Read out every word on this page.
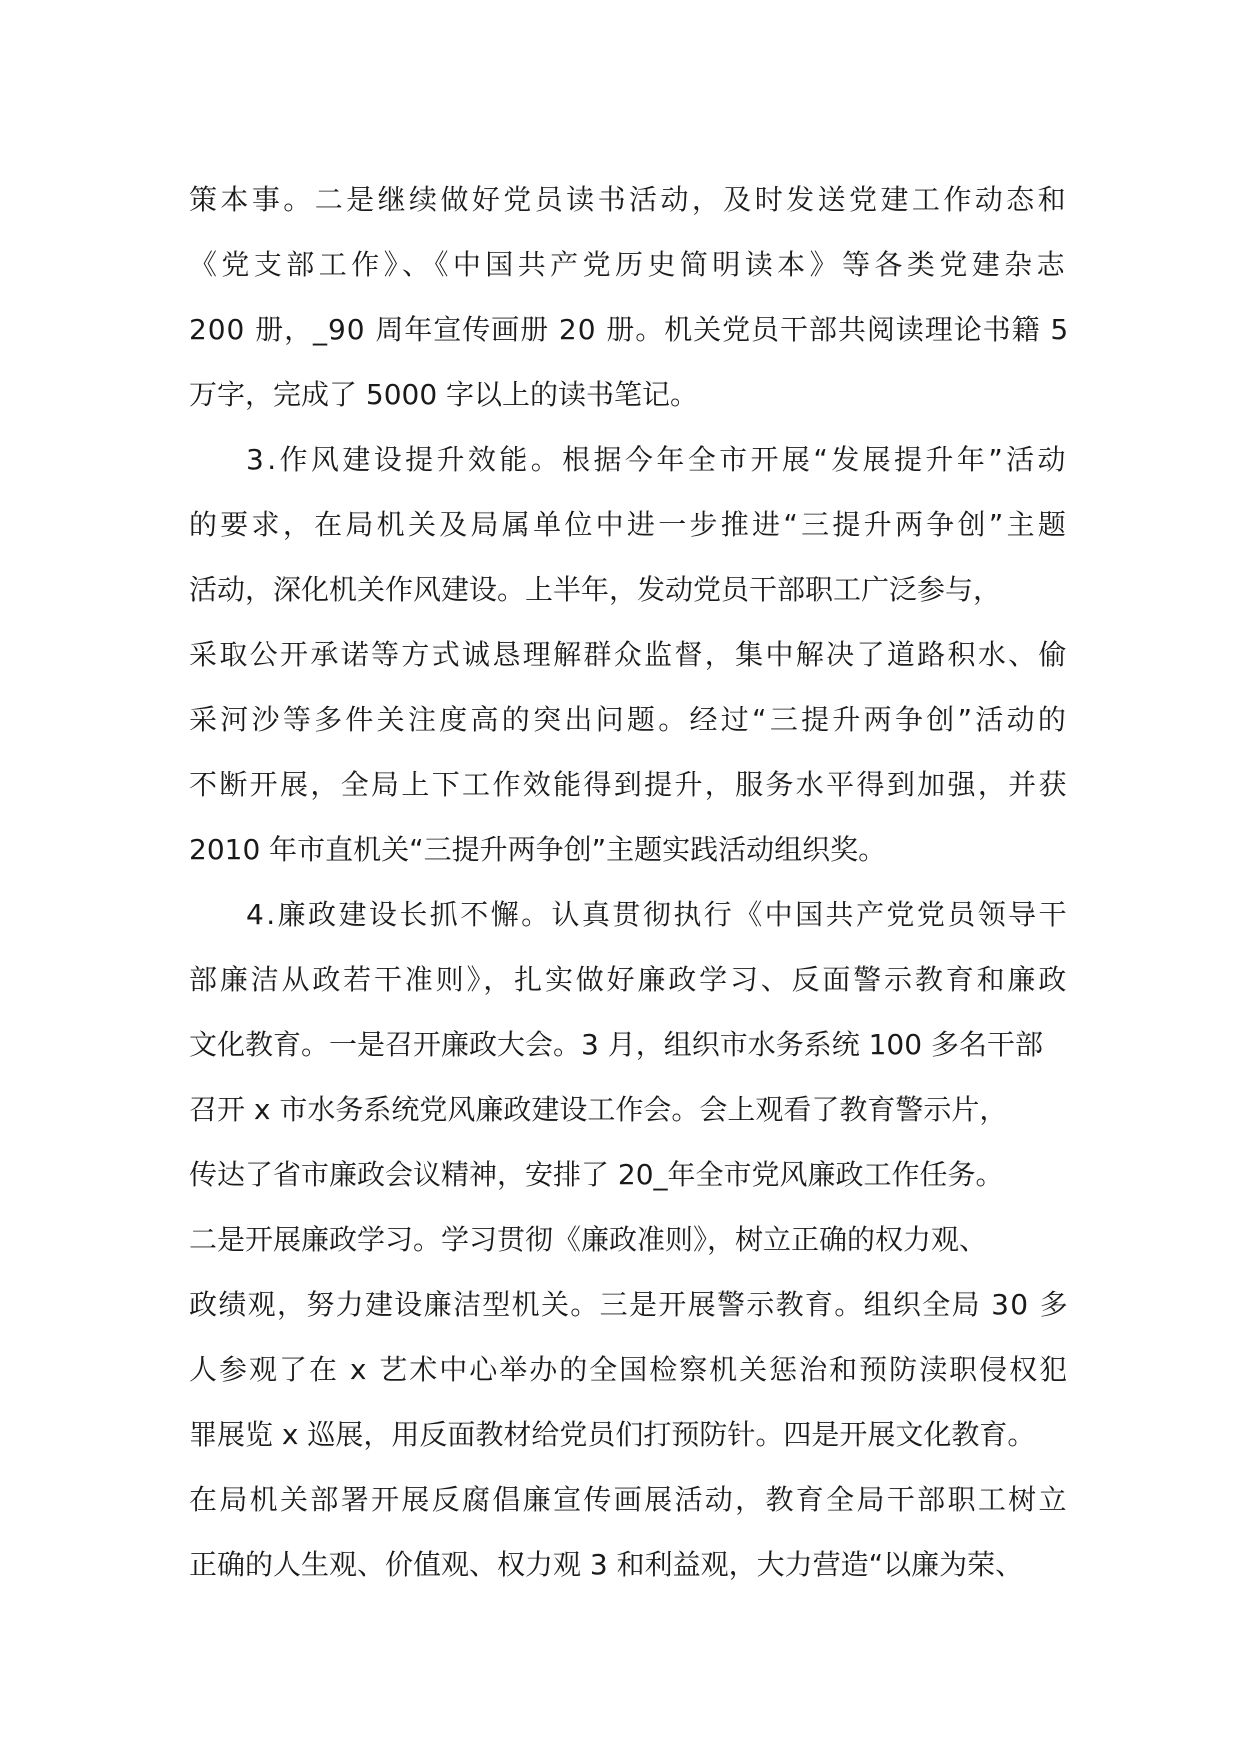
策本事。二是继续做好党员读书活动，及时发送党建工作动态和
《党支部工作》、《中国共产党历史简明读本》等各类党建杂志
200 册，_90 周年宣传画册 20 册。机关党员干部共阅读理论书籍 5
万字，完成了 5000 字以上的读书笔记。
3.作风建设提升效能。根据今年全市开展“发展提升年”活动
的要求，在局机关及局属单位中进一步推进“三提升两争创”主题
活动，深化机关作风建设。上半年，发动党员干部职工广泛参与，
采取公开承诺等方式诚恳理解群众监督，集中解决了道路积水、偷
采河沙等多件关注度高的突出问题。经过“三提升两争创”活动的
不断开展，全局上下工作效能得到提升，服务水平得到加强，并获
2010 年市直机关“三提升两争创”主题实践活动组织奖。
4.廉政建设长抓不懈。认真贯彻执行《中国共产党党员领导干
部廉洁从政若干准则》，扎实做好廉政学习、反面警示教育和廉政
文化教育。一是召开廉政大会。3 月，组织市水务系统 100 多名干部
召开 x 市水务系统党风廉政建设工作会。会上观看了教育警示片，
传达了省市廉政会议精神，安排了 20_年全市党风廉政工作任务。
二是开展廉政学习。学习贯彻《廉政准则》，树立正确的权力观、
政绩观，努力建设廉洁型机关。三是开展警示教育。组织全局 30 多
人参观了在 x 艺术中心举办的全国检察机关惩治和预防渎职侵权犯
罪展览 x 巡展，用反面教材给党员们打预防针。四是开展文化教育。
在局机关部署开展反腐倡廉宣传画展活动，教育全局干部职工树立
正确的人生观、价值观、权力观 3 和利益观，大力营造“以廉为荣、
